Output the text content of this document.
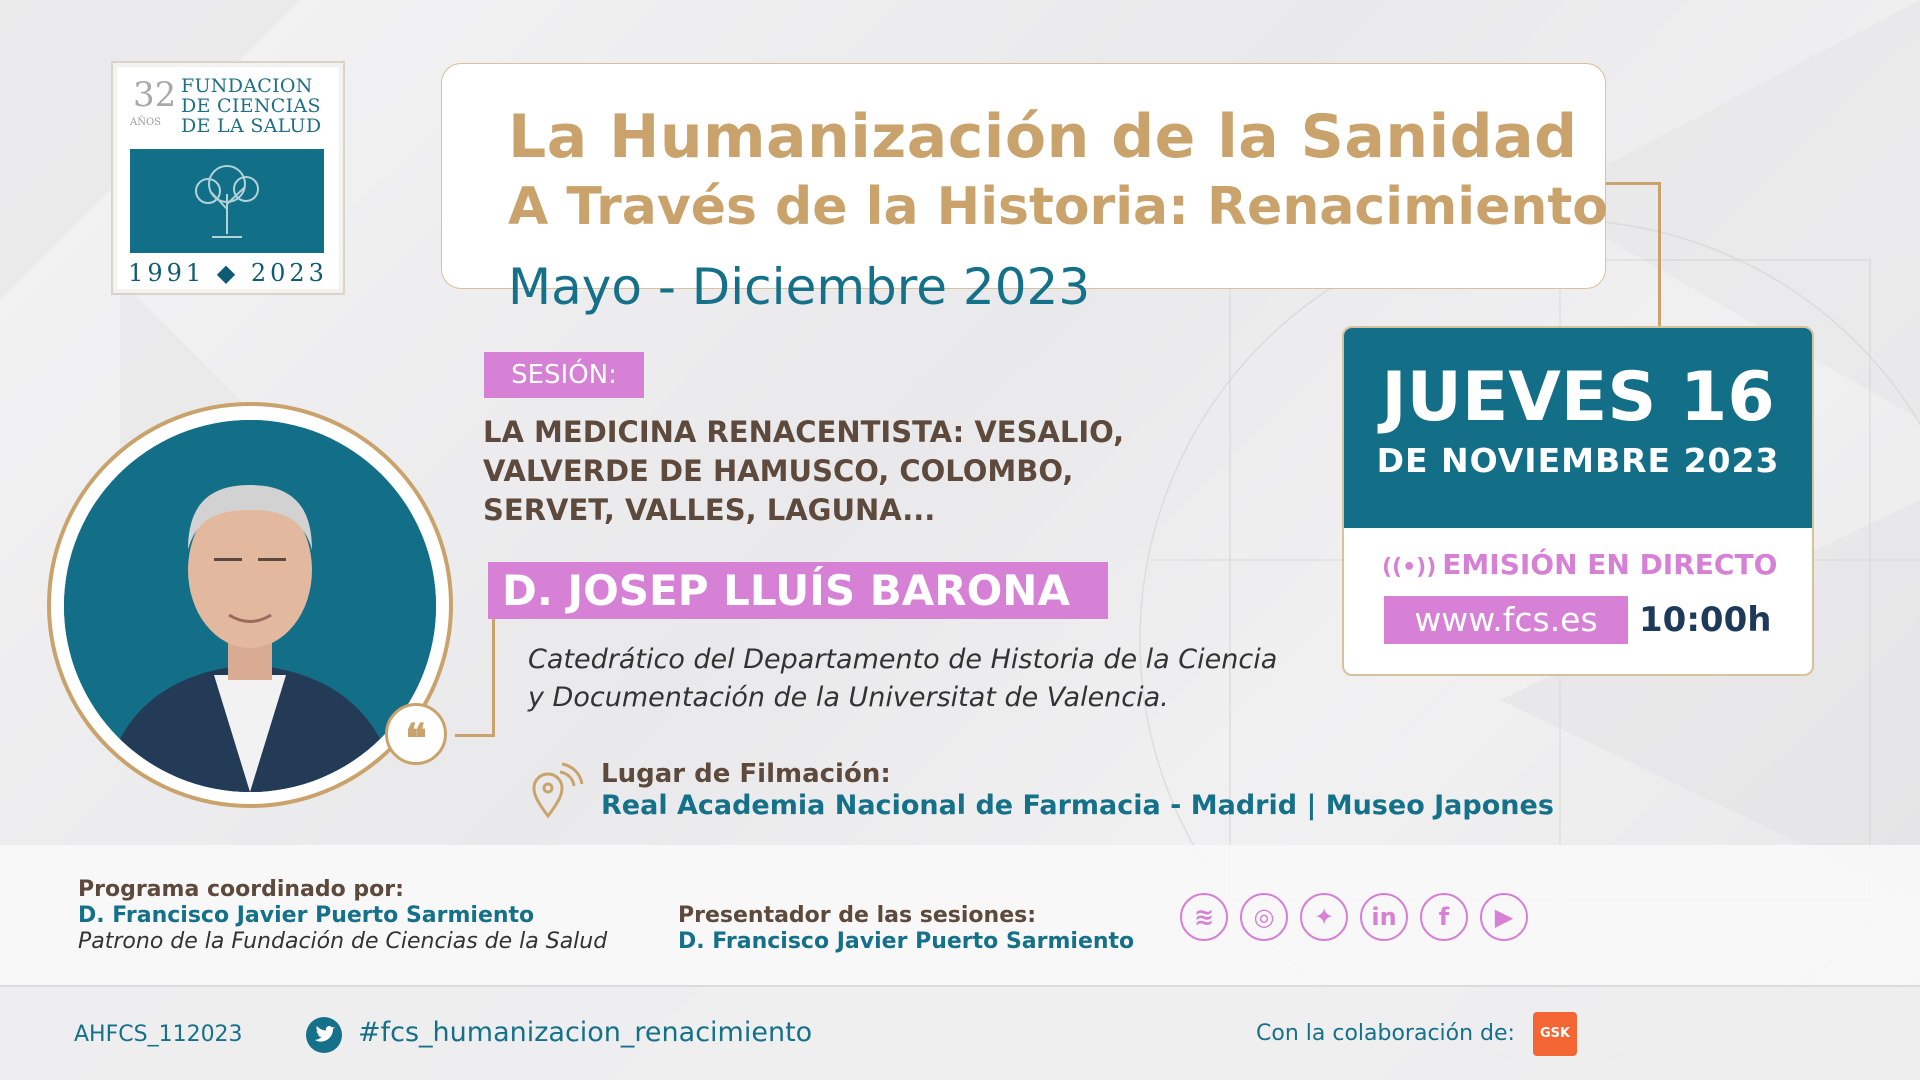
32
AÑOS
FUNDACION
DE CIENCIAS
DE LA SALUD
1991 ◆ 2023
La Humanización de la Sanidad
A Través de la Historia: Renacimiento
Mayo - Diciembre 2023
SESIÓN:
LA MEDICINA RENACENTISTA: VESALIO,
VALVERDE DE HAMUSCO, COLOMBO,
SERVET, VALLES, LAGUNA...
D. JOSEP LLUÍS BARONA
Catedrático del Departamento de Historia de la Ciencia
y Documentación de la Universitat de Valencia.
Lugar de Filmación:
Real Academia Nacional de Farmacia - Madrid | Museo Japones
❝
JUEVES 16
DE NOVIEMBRE 2023
((•)) EMISIÓN EN DIRECTO
www.fcs.es	10:00h
Programa coordinado por:
D. Francisco Javier Puerto Sarmiento
Patrono de la Fundación de Ciencias de la Salud
Presentador de las sesiones:
D. Francisco Javier Puerto Sarmiento
≋	◎	✦	in	f	▶
AHFCS_112023	#fcs_humanizacion_renacimiento	Con la colaboración de:	GSK
